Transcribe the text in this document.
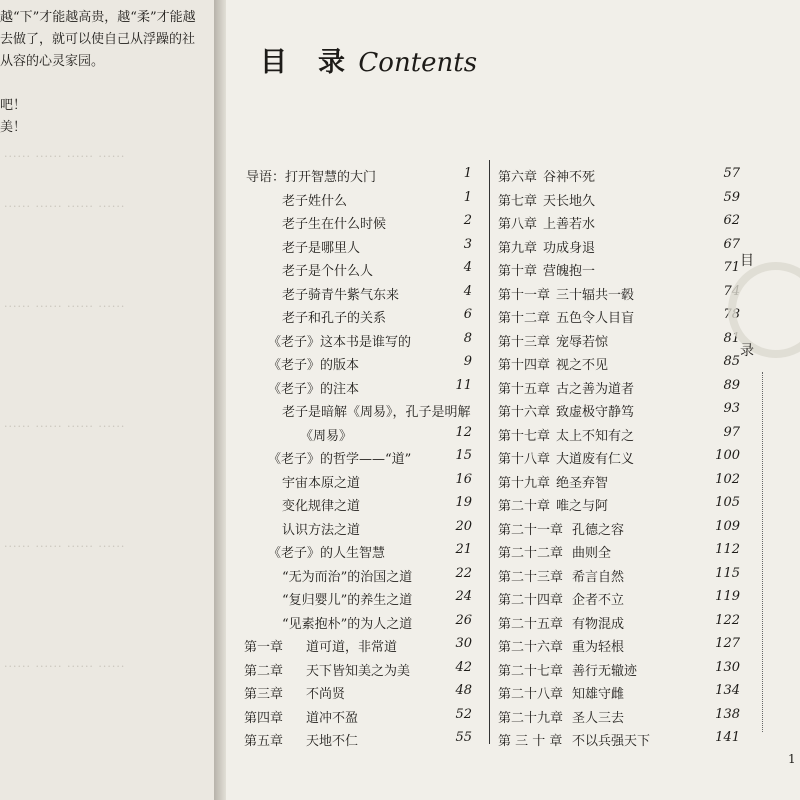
······ ······ ······ ······
······ ······ ······ ······
······ ······ ······ ······
······ ······ ······ ······
······ ······ ······ ······
······ ······ ······ ······
越“下”才能越高贵，越“柔”才能越
去做了，就可以使自己从浮躁的社
从容的心灵家园。
吧！
美！
目　录 Contents
导语：打开智慧的大门	1
老子姓什么	1
老子生在什么时候	2
老子是哪里人	3
老子是个什么人	4
老子骑青牛紫气东来	4
老子和孔子的关系	6
《老子》这本书是谁写的	8
《老子》的版本	9
《老子》的注本	11
老子是暗解《周易》，孔子是明解
《周易》	12
《老子》的哲学——“道”	15
宇宙本原之道	16
变化规律之道	19
认识方法之道	20
《老子》的人生智慧	21
“无为而治”的治国之道	22
“复归婴儿”的养生之道	24
“见素抱朴”的为人之道	26
第一章 道可道，非常道	30
第二章 天下皆知美之为美	42
第三章 不尚贤	48
第四章 道冲不盈	52
第五章 天地不仁	55
第六章 谷神不死	57
第七章 天长地久	59
第八章 上善若水	62
第九章 功成身退	67
第十章 营魄抱一	71
第十一章 三十辐共一毂	74
第十二章 五色令人目盲	78
第十三章 宠辱若惊	81
第十四章 视之不见	85
第十五章 古之善为道者	89
第十六章 致虚极守静笃	93
第十七章 太上不知有之	97
第十八章 大道废有仁义	100
第十九章 绝圣弃智	102
第二十章 唯之与阿	105
第二十一章 孔德之容	109
第二十二章 曲则全	112
第二十三章 希言自然	115
第二十四章 企者不立	119
第二十五章 有物混成	122
第二十六章 重为轻根	127
第二十七章 善行无辙迹	130
第二十八章 知雄守雌	134
第二十九章 圣人三去	138
第 三 十 章 不以兵强天下	141
目
录
1
